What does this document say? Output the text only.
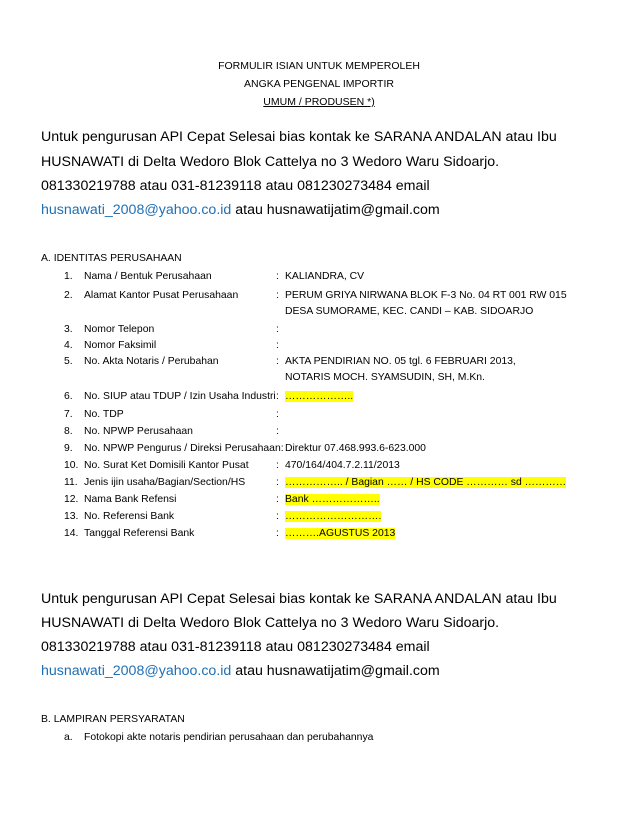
FORMULIR ISIAN UNTUK MEMPEROLEH
ANGKA PENGENAL IMPORTIR
UMUM / PRODUSEN *)
Untuk pengurusan API Cepat Selesai bias kontak ke SARANA ANDALAN atau Ibu
HUSNAWATI di Delta Wedoro Blok Cattelya no 3 Wedoro Waru Sidoarjo.
081330219788 atau 031-81239118 atau 081230273484 email
husnawati_2008@yahoo.co.id atau husnawatijatim@gmail.com
A. IDENTITAS PERUSAHAAN
1. Nama / Bentuk Perusahaan	: KALIANDRA, CV
2. Alamat Kantor Pusat Perusahaan	: PERUM GRIYA NIRWANA BLOK F-3 No. 04 RT 001 RW 015
DESA SUMORAME, KEC. CANDI – KAB. SIDOARJO
3. Nomor Telepon	:
4. Nomor Faksimil	:
5. No. Akta Notaris / Perubahan	: AKTA PENDIRIAN NO. 05 tgl. 6 FEBRUARI 2013,
NOTARIS MOCH. SYAMSUDIN, SH, M.Kn.
6. No. SIUP atau TDUP / Izin Usaha Industri : ………………..
7. No. TDP	:
8. No. NPWP Perusahaan	:
9. No. NPWP Pengurus / Direksi Perusahaan: Direktur 07.468.993.6-623.000
10. No. Surat Ket Domisili Kantor Pusat	: 470/164/404.7.2.11/2013
11. Jenis ijin usaha/Bagian/Section/HS	: …………….. / Bagian …… / HS CODE ………… sd …………
12. Nama Bank Refensi	: Bank ………………..
13. No. Referensi Bank	: ……………………….
14. Tanggal Referensi Bank	: ……….AGUSTUS 2013
Untuk pengurusan API Cepat Selesai bias kontak ke SARANA ANDALAN atau Ibu
HUSNAWATI di Delta Wedoro Blok Cattelya no 3 Wedoro Waru Sidoarjo.
081330219788 atau 031-81239118 atau 081230273484 email
husnawati_2008@yahoo.co.id atau husnawatijatim@gmail.com
B. LAMPIRAN PERSYARATAN
a. Fotokopi akte notaris pendirian perusahaan dan perubahannya
